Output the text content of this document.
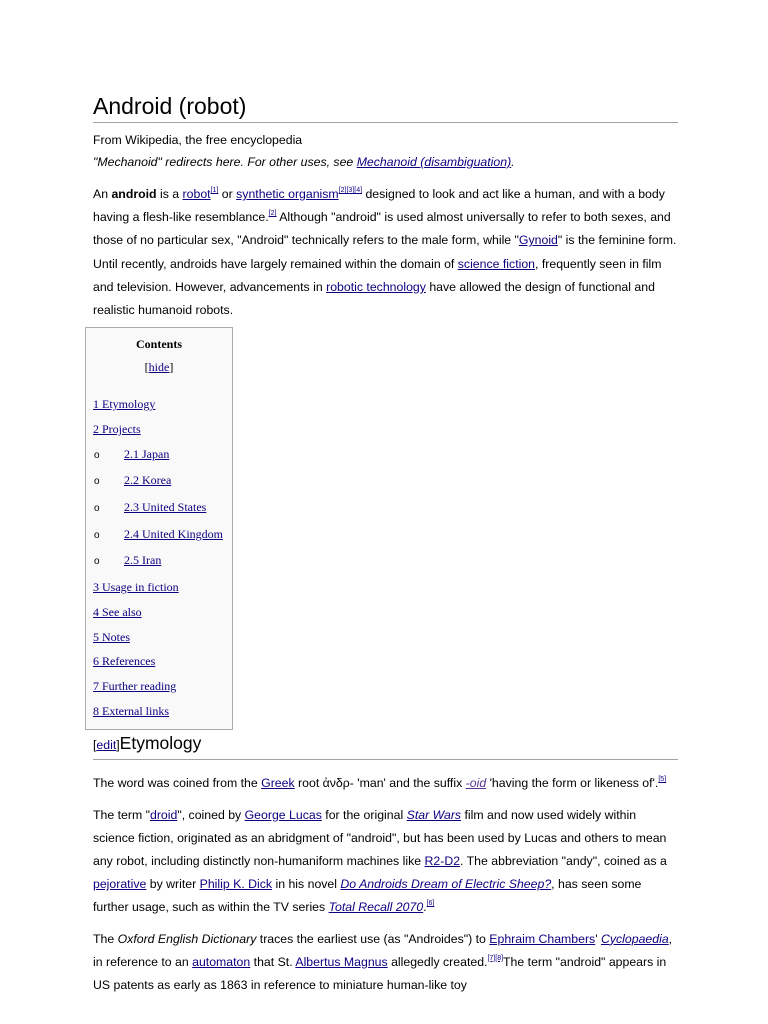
Android (robot)
From Wikipedia, the free encyclopedia
"Mechanoid" redirects here. For other uses, see Mechanoid (disambiguation).

An android is a robot[1] or synthetic organism[2][3][4] designed to look and act like a human, and with a body having a flesh-like resemblance.[2] Although "android" is used almost universally to refer to both sexes, and those of no particular sex, "Android" technically refers to the male form, while "Gynoid" is the feminine form. Until recently, androids have largely remained within the domain of science fiction, frequently seen in film and television. However, advancements in robotic technology have allowed the design of functional and realistic humanoid robots.

Contents
[hide]
1 Etymology
2 Projects
o 2.1 Japan
o 2.2 Korea
o 2.3 United States
o 2.4 United Kingdom
o 2.5 Iran
3 Usage in fiction
4 See also
5 Notes
6 References
7 Further reading
8 External links
[edit]Etymology

The word was coined from the Greek root ἀνδρ- 'man' and the suffix -oid 'having the form or likeness of'.[5]

The term "droid", coined by George Lucas for the original Star Wars film and now used widely within science fiction, originated as an abridgment of "android", but has been used by Lucas and others to mean any robot, including distinctly non-humaniform machines like R2-D2. The abbreviation "andy", coined as a pejorative by writer Philip K. Dick in his novel Do Androids Dream of Electric Sheep?, has seen some further usage, such as within the TV series Total Recall 2070.[6]

The Oxford English Dictionary traces the earliest use (as "Androides") to Ephraim Chambers' Cyclopaedia, in reference to an automaton that St. Albertus Magnus allegedly created.[7][8]The term "android" appears in US patents as early as 1863 in reference to miniature human-like toy
